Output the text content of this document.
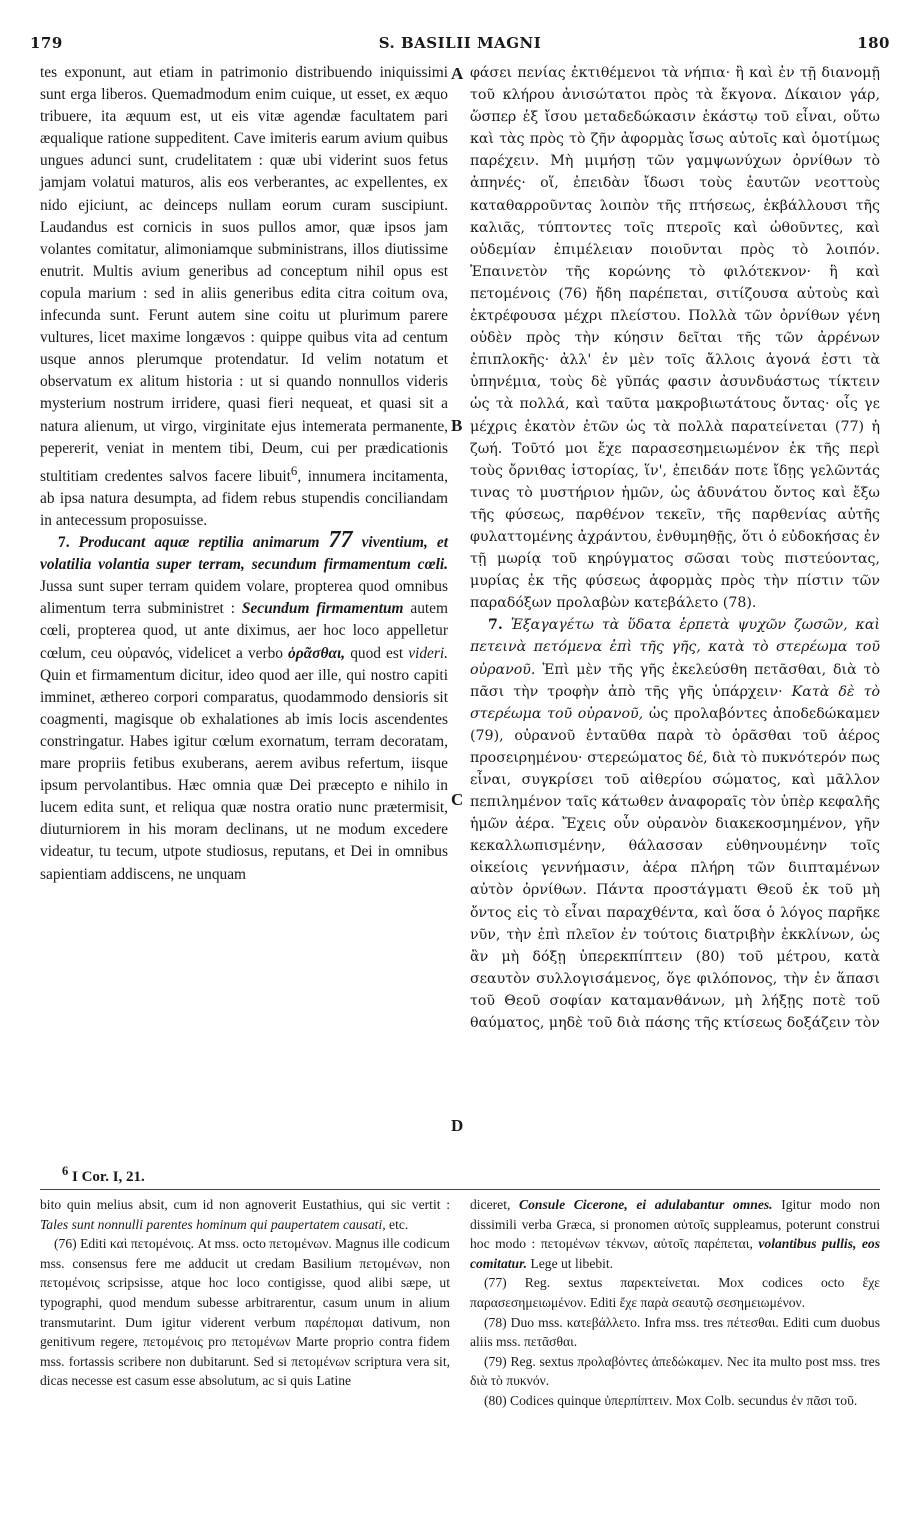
179	S. BASILII MAGNI	180

tes exponunt, aut etiam in patrimonio distribuendo iniquissimi sunt erga liberos. Quemadmodum enim cuique, ut esset, ex æquo tribuere, ita æquum est, ut eis vitæ agendæ facultatem pari æqualique ratione suppeditent. Cave imiteris earum avium quibus ungues adunci sunt, crudelitatem : quæ ubi viderint suos fetus jamjam volatui maturos, alis eos verberantes, ac expellentes, ex nido ejiciunt, ac deinceps nullam eorum curam suscipiunt. Laudandus est cornicis in suos pullos amor, quæ ipsos jam volantes comitatur, alimoniamque subministrans, illos diutissime enutrit. Multis avium generibus ad conceptum nihil opus est copula marium : sed in aliis generibus edita citra coitum ova, infecunda sunt. Ferunt autem sine coitu ut plurimum parere vultures, licet maxime longævos : quippe quibus vita ad centum usque annos plerumque protendatur. Id velim notatum et observatum ex alitum historia : ut si quando nonnullos videris mysterium nostrum irridere, quasi fieri nequeat, et quasi sit a natura alienum, ut virgo, virginitate ejus intemerata permanente, pepererit, veniat in mentem tibi, Deum, cui per prædicationis stultitiam credentes salvos facere libuit$^6$, innumera incitamenta, ab ipsa natura desumpta, ad fidem rebus stupendis conciliandam in antecessum proposuisse.

7. Producant aquæ reptilia animarum 77 viventium, et volatilia volantia super terram, secundum firmamentum cœli. Jussa sunt super terram quidem volare, propterea quod omnibus alimentum terra subministret : Secundum firmamentum autem cœli, propterea quod, ut ante diximus, aer hoc loco appelletur cœlum, ceu οὐρανός, videlicet a verbo ὁρᾶσθαι, quod est videri. Quin et firmamentum dicitur, ideo quod aer ille, qui nostro capiti imminet, æthereo corpori comparatus, quodammodo densioris sit coagmenti, magisque ob exhalationes ab imis locis ascendentes constringatur. Habes igitur cœlum exornatum, terram decoratam, mare propriis fetibus exuberans, aerem avibus refertum, iisque ipsum pervolantibus. Hæc omnia quæ Dei præcepto e nihilo in lucem edita sunt, et reliqua quæ nostra oratio nunc prætermisit, diuturniorem in his moram declinans, ut ne modum excedere videatur, tu tecum, utpote studiosus, reputans, et Dei in omnibus sapientiam addiscens, ne unquam

A
B
C
D

φάσει πενίας ἐκτιθέμενοι τὰ νήπια· ἢ καὶ ἐν τῇ διανομῇ τοῦ κλήρου ἀνισώτατοι πρὸς τὰ ἔκγονα. Δίκαιον γάρ, ὥσπερ ἐξ ἴσου μεταδεδώκασιν ἑκάστῳ τοῦ εἶναι, οὕτω καὶ τὰς πρὸς τὸ ζῆν ἀφορμὰς ἴσως αὐτοῖς καὶ ὁμοτίμως παρέχειν. Μὴ μιμήσῃ τῶν γαμψωνύχων ὀρνίθων τὸ ἀπηνές· οἵ, ἐπειδὰν ἴδωσι τοὺς ἑαυτῶν νεοττοὺς καταθαρροῦντας λοιπὸν τῆς πτήσεως, ἐκβάλλουσι τῆς καλιᾶς, τύπτοντες τοῖς πτεροῖς καὶ ὠθοῦντες, καὶ οὐδεμίαν ἐπιμέλειαν ποιοῦνται πρὸς τὸ λοιπόν. Ἐπαινετὸν τῆς κορώνης τὸ φιλότεκνον· ἣ καὶ πετομένοις (76) ἤδη παρέπεται, σιτίζουσα αὐτοὺς καὶ ἐκτρέφουσα μέχρι πλείστου. Πολλὰ τῶν ὀρνίθων γένη οὐδὲν πρὸς τὴν κύησιν δεῖται τῆς τῶν ἀρρένων ἐπιπλοκῆς· ἀλλ' ἐν μὲν τοῖς ἄλλοις ἀγονά ἐστι τὰ ὑπηνέμια, τοὺς δὲ γῦπάς φασιν ἀσυνδυάστως τίκτειν ὡς τὰ πολλά, καὶ ταῦτα μακροβιωτάτους ὄντας· οἷς γε μέχρις ἑκατὸν ἐτῶν ὡς τὰ πολλὰ παρατείνεται (77) ἡ ζωή. Τοῦτό μοι ἔχε παρασεσημειωμένον ἐκ τῆς περὶ τοὺς ὄρνιθας ἱστορίας, ἵν', ἐπειδάν ποτε ἴδῃς γελῶντάς τινας τὸ μυστήριον ἡμῶν, ὡς ἀδυνάτου ὄντος καὶ ἔξω τῆς φύσεως, παρθένον τεκεῖν, τῆς παρθενίας αὐτῆς φυλαττομένης ἀχράντου, ἐνθυμηθῇς, ὅτι ὁ εὐδοκήσας ἐν τῇ μωρίᾳ τοῦ κηρύγματος σῶσαι τοὺς πιστεύοντας, μυρίας ἐκ τῆς φύσεως ἀφορμὰς πρὸς τὴν πίστιν τῶν παραδόξων προλαβὼν κατεβάλετο (78).

7. Ἐξαγαγέτω τὰ ὕδατα ἑρπετὰ ψυχῶν ζωσῶν, καὶ πετεινὰ πετόμενα ἐπὶ τῆς γῆς, κατὰ τὸ στερέωμα τοῦ οὐρανοῦ. Ἐπὶ μὲν τῆς γῆς ἐκελεύσθη πετᾶσθαι, διὰ τὸ πᾶσι τὴν τροφὴν ἀπὸ τῆς γῆς ὑπάρχειν· Κατὰ δὲ τὸ στερέωμα τοῦ οὐρανοῦ, ὡς προλαβόντες ἀποδεδώκαμεν (79), οὐρανοῦ ἐνταῦθα παρὰ τὸ ὁρᾶσθαι τοῦ ἀέρος προσειρημένου· στερεώματος δέ, διὰ τὸ πυκνότερόν πως εἶναι, συγκρίσει τοῦ αἰθερίου σώματος, καὶ μᾶλλον πεπιλημένον ταῖς κάτωθεν ἀναφοραῖς τὸν ὑπὲρ κεφαλῆς ἡμῶν ἀέρα. Ἔχεις οὖν οὐρανὸν διακεκοσμημένον, γῆν κεκαλλωπισμένην, θάλασσαν εὐθηνουμένην τοῖς οἰκείοις γεννήμασιν, ἀέρα πλήρη τῶν διιπταμένων αὐτὸν ὀρνίθων. Πάντα προστάγματι Θεοῦ ἐκ τοῦ μὴ ὄντος εἰς τὸ εἶναι παραχθέντα, καὶ ὅσα ὁ λόγος παρῆκε νῦν, τὴν ἐπὶ πλεῖον ἐν τούτοις διατριβὴν ἐκκλίνων, ὡς ἂν μὴ δόξῃ ὑπερεκπίπτειν (80) τοῦ μέτρου, κατὰ σεαυτὸν συλλογισάμενος, ὅγε φιλόπονος, τὴν ἐν ἅπασι τοῦ Θεοῦ σοφίαν καταμανθάνων, μὴ λήξῃς ποτὲ τοῦ θαύματος, μηδὲ τοῦ διὰ πάσης τῆς κτίσεως δοξάζειν τὸν

$^6$ I Cor. I, 21.

bito quin melius absit, cum id non agnoverit Eustathius, qui sic vertit : Tales sunt nonnulli parentes hominum qui paupertatem causati, etc.

(76) Editi καὶ πετομένοις. At mss. octo πετομένων. Magnus ille codicum mss. consensus fere me adducit ut credam Basilium πετομένων, non πετομένοις scripsisse, atque hoc loco contigisse, quod alibi sæpe, ut typographi, quod mendum subesse arbitrarentur, casum unum in alium transmutarint. Dum igitur viderent verbum παρέπομαι dativum, non genitivum regere, πετομένοις pro πετομένων Marte proprio contra fidem mss. fortassis scribere non dubitarunt. Sed si πετομένων scriptura vera sit, dicas necesse est casum esse absolutum, ac si quis Latine

diceret, Consule Cicerone, ei adulabantur omnes. Igitur modo non dissimili verba Græca, si pronomen αὐτοῖς suppleamus, poterunt construi hoc modo : πετομένων τέκνων, αὐτοῖς παρέπεται, volantibus pullis, eos comitatur. Lege ut libebit.

(77) Reg. sextus παρεκτείνεται. Mox codices octo ἔχε παρασεσημειωμένον. Editi ἔχε παρὰ σεαυτῷ σεσημειωμένον.

(78) Duo mss. κατεβάλλετο. Infra mss. tres πέτεσθαι. Editi cum duobus aliis mss. πετᾶσθαι.

(79) Reg. sextus προλαβόντες ἀπεδώκαμεν. Nec ita multo post mss. tres διὰ τὸ πυκνόν.

(80) Codices quinque ὑπερπίπτειν. Mox Colb. secundus ἐν πᾶσι τοῦ.
